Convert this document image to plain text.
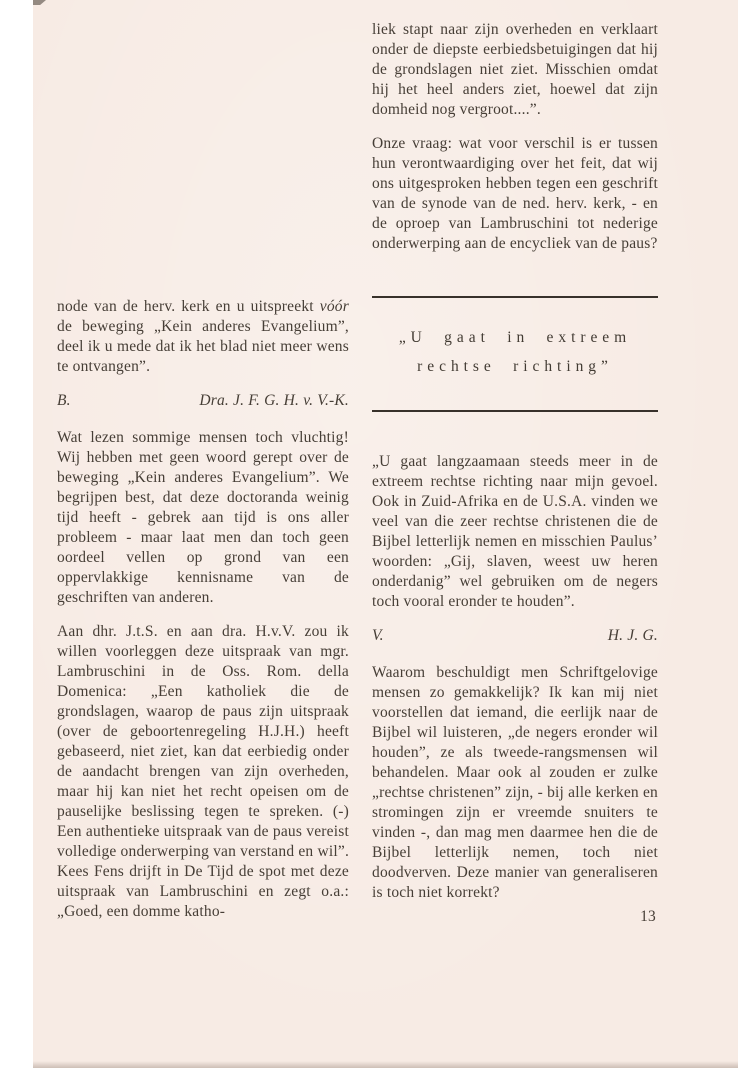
node van de herv. kerk en u uitspreekt vóór de beweging „Kein anderes Evangelium”, deel ik u mede dat ik het blad niet meer wens te ontvangen”.

B.	Dra. J. F. G. H. v. V.-K.

Wat lezen sommige mensen toch vluchtig! Wij hebben met geen woord gerept over de beweging „Kein anderes Evangelium”. We begrijpen best, dat deze doctoranda weinig tijd heeft - gebrek aan tijd is ons aller probleem - maar laat men dan toch geen oordeel vellen op grond van een oppervlakkige kennisname van de geschriften van anderen.

Aan dhr. J.t.S. en aan dra. H.v.V. zou ik willen voorleggen deze uitspraak van mgr. Lambruschini in de Oss. Rom. della Domenica: „Een katholiek die de grondslagen, waarop de paus zijn uitspraak (over de geboortenregeling H.J.H.) heeft gebaseerd, niet ziet, kan dat eerbiedig onder de aandacht brengen van zijn overheden, maar hij kan niet het recht opeisen om de pauselijke beslissing tegen te spreken. (-) Een authentieke uitspraak van de paus vereist volledige onderwerping van verstand en wil”.

Kees Fens drijft in De Tijd de spot met deze uitspraak van Lambruschini en zegt o.a.: „Goed, een domme katho-

liek stapt naar zijn overheden en verklaart onder de diepste eerbiedsbetuigingen dat hij de grondslagen niet ziet. Misschien omdat hij het heel anders ziet, hoewel dat zijn domheid nog vergroot....”.

Onze vraag: wat voor verschil is er tussen hun verontwaardiging over het feit, dat wij ons uitgesproken hebben tegen een geschrift van de synode van de ned. herv. kerk, - en de oproep van Lambruschini tot nederige onderwerping aan de encycliek van de paus?

„U gaat in extreem
rechtse richting”

„U gaat langzaamaan steeds meer in de extreem rechtse richting naar mijn gevoel. Ook in Zuid-Afrika en de U.S.A. vinden we veel van die zeer rechtse christenen die de Bijbel letterlijk nemen en misschien Paulus’ woorden: „Gij, slaven, weest uw heren onderdanig” wel gebruiken om de negers toch vooral eronder te houden”.

V.	H. J. G.

Waarom beschuldigt men Schriftgelovige mensen zo gemakkelijk? Ik kan mij niet voorstellen dat iemand, die eerlijk naar de Bijbel wil luisteren, „de negers eronder wil houden”, ze als tweede-rangsmensen wil behandelen. Maar ook al zouden er zulke „rechtse christenen” zijn, - bij alle kerken en stromingen zijn er vreemde snuiters te vinden -, dan mag men daarmee hen die de Bijbel letterlijk nemen, toch niet doodverven. Deze manier van generaliseren is toch niet korrekt?

13
